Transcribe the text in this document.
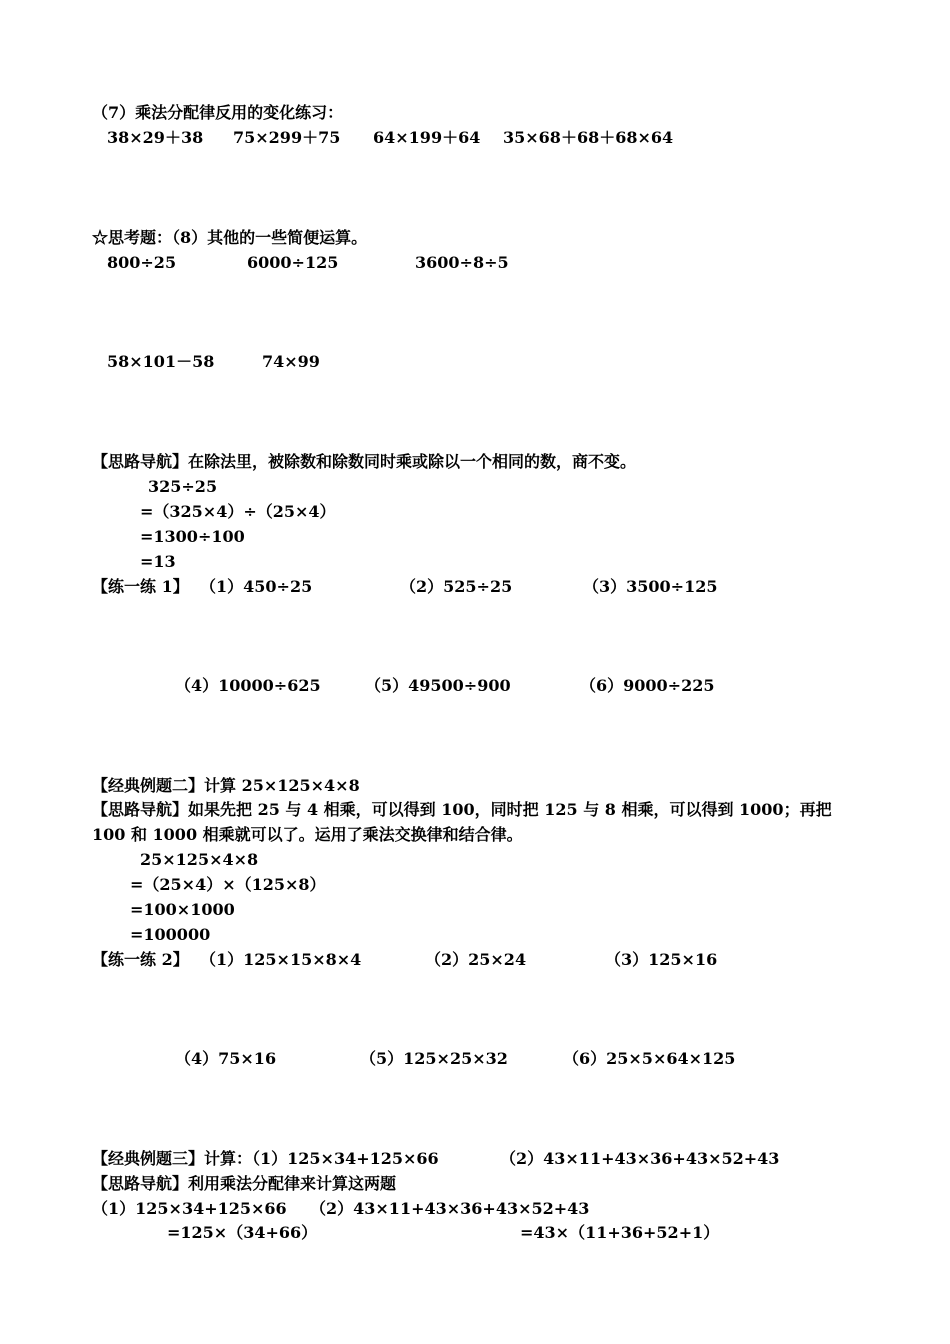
（7）乘法分配律反用的变化练习：
38×29＋38 75×299＋75 64×199＋64 35×68＋68＋68×64
☆思考题：（8）其他的一些简便运算。
800÷25	6000÷125	3600÷8÷5
58×101－58	74×99
【思路导航】在除法里，被除数和除数同时乘或除以一个相同的数，商不变。
325÷25
=（325×4）÷（25×4）
=1300÷100
=13
【练一练 1】 （1）450÷25	（2）525÷25	（3）3500÷125
（4）10000÷625	（5）49500÷900	（6）9000÷225
【经典例题二】计算 25×125×4×8
【思路导航】如果先把 25 与 4 相乘，可以得到 100，同时把 125 与 8 相乘，可以得到 1000；再把
100 和 1000 相乘就可以了。运用了乘法交换律和结合律。
25×125×4×8
=（25×4）×（125×8）
=100×1000
=100000
【练一练 2】 （1）125×15×8×4	（2）25×24	（3）125×16
（4）75×16	（5）125×25×32	（6）25×5×64×125
【经典例题三】计算：（1）125×34+125×66	（2）43×11+43×36+43×52+43
【思路导航】利用乘法分配律来计算这两题
（1）125×34+125×66 （2）43×11+43×36+43×52+43
=125×（34+66）	=43×（11+36+52+1）
